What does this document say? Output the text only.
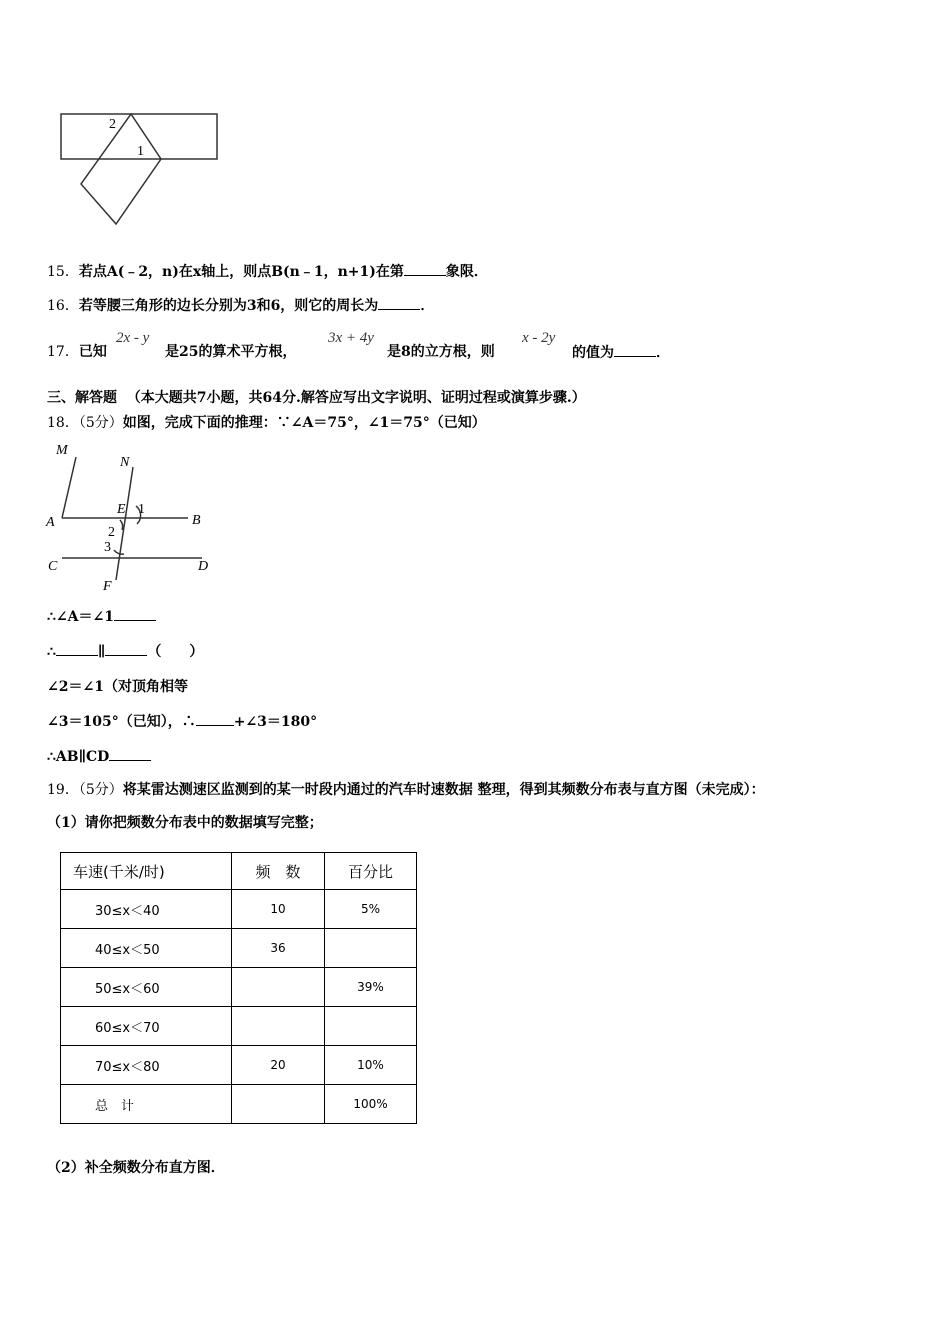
2
1
15．若点A(﹣2，n)在x轴上，则点B(n﹣1，n+1)在第	象限．
16．若等腰三角形的边长分别为3和6，则它的周长为	．
17．已知
2x - y
是25的算术平方根，
3x + 4y
是8的立方根，则
x - 2y
的值为	．
三、解答题 （本大题共7小题，共64分.解答应写出文字说明、证明过程或演算步骤.）
18．（5分）如图，完成下面的推理：∵∠A＝75°，∠1＝75°（已知）
M
N
A	B
E
C	D
F
1
2
3
∴∠A＝∠1
∴	∥	（　　）
∠2＝∠1（对顶角相等
∠3＝105°（已知），∴	+∠3＝180°
∴AB∥CD
19．（5分）将某雷达测速区监测到的某一时段内通过的汽车时速数据 整理，得到其频数分布表与直方图（未完成）：
（1）请你把频数分布表中的数据填写完整；
车速(千米/时)	频　数	百分比
30≤x＜40	10	5%
40≤x＜50	36	
50≤x＜60		39%
60≤x＜70		
70≤x＜80	20	10%
总　计		100%
（2）补全频数分布直方图．
